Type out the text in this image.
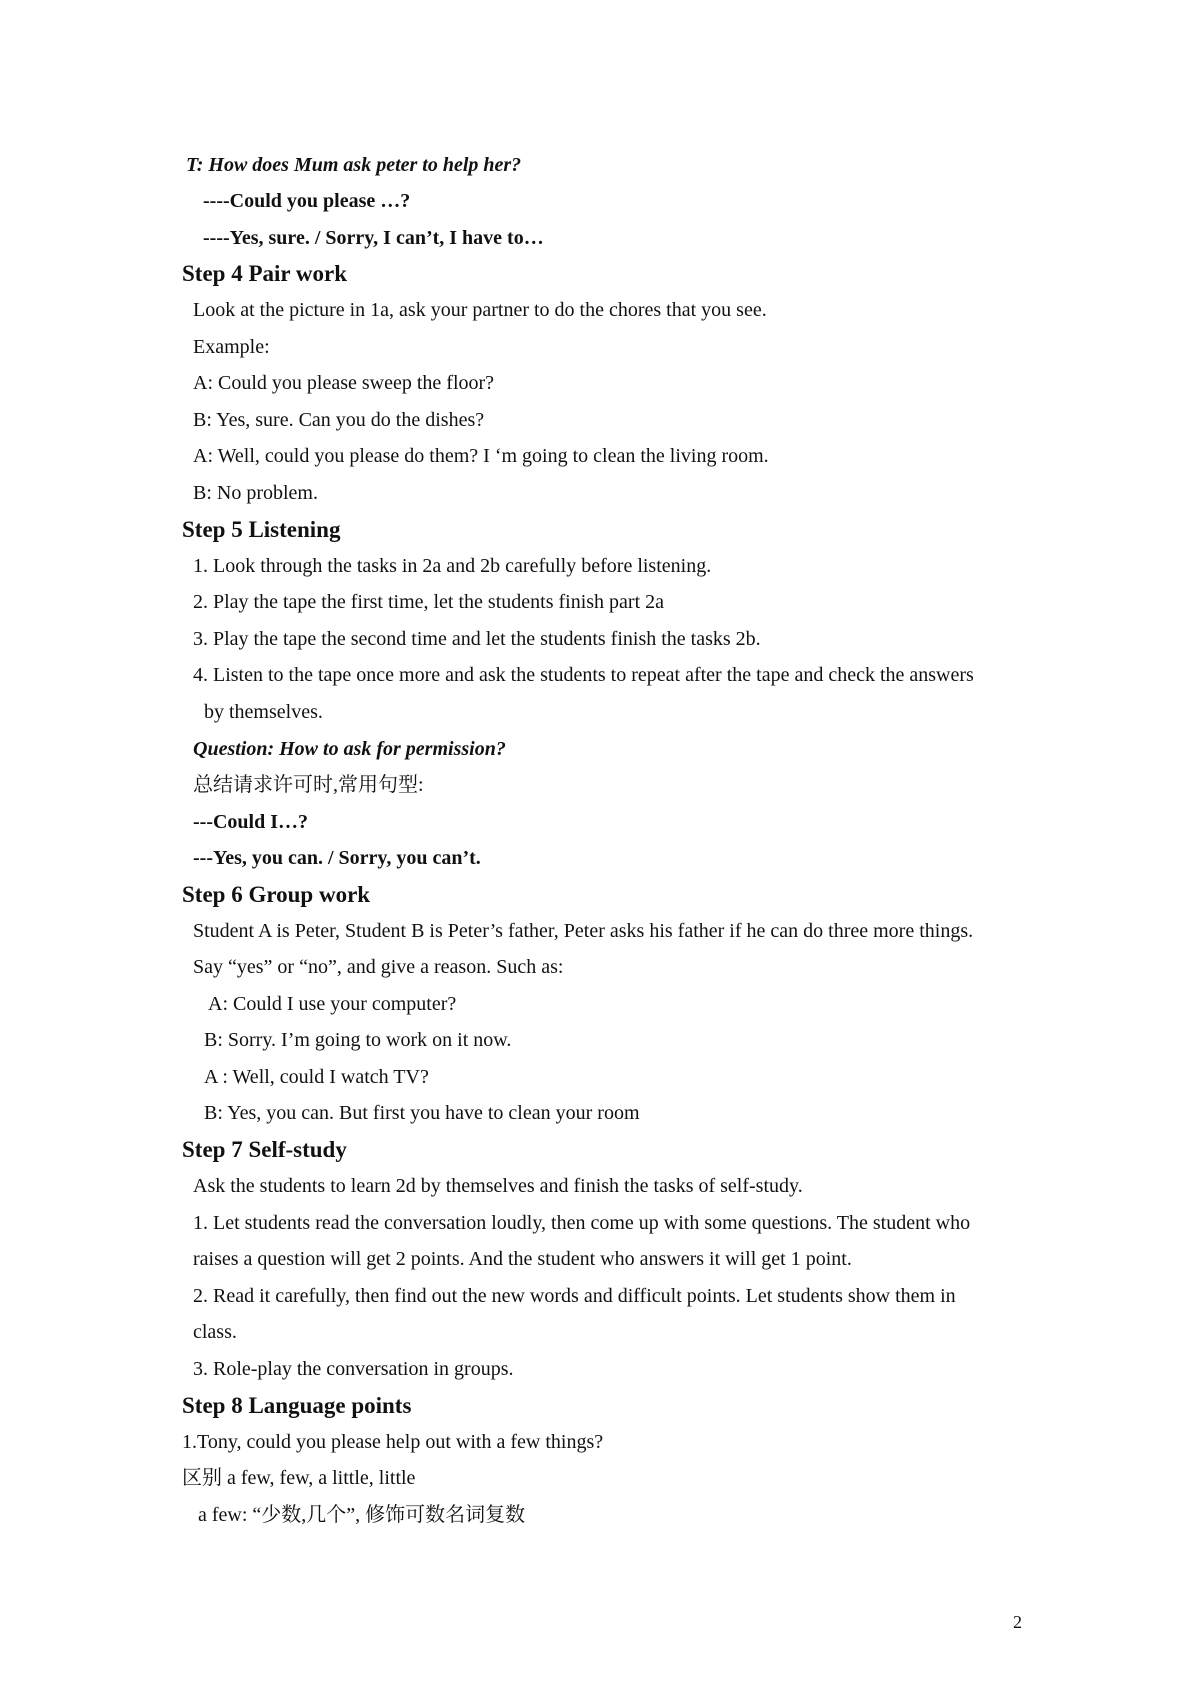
T: How does Mum ask peter to help her?
----Could you please …?
----Yes, sure. / Sorry, I can’t, I have to…
Step 4 Pair work
Look at the picture in 1a, ask your partner to do the chores that you see.
Example:
A: Could you please sweep the floor?
B: Yes, sure. Can you do the dishes?
A: Well, could you please do them? I ‘m going to clean the living room.
B: No problem.
Step 5 Listening
1. Look through the tasks in 2a and 2b carefully before listening.
2. Play the tape the first time, let the students finish part 2a
3. Play the tape the second time and let the students finish the tasks 2b.
4. Listen to the tape once more and ask the students to repeat after the tape and check the answers
by themselves.
Question: How to ask for permission?
总结请求许可时,常用句型:
---Could I…?
---Yes, you can. / Sorry, you can’t.
Step 6 Group work
Student A is Peter, Student B is Peter’s father, Peter asks his father if he can do three more things.
Say “yes” or “no”, and give a reason. Such as:
A: Could I use your computer?
B: Sorry. I’m going to work on it now.
A : Well, could I watch TV?
B: Yes, you can. But first you have to clean your room
Step 7 Self-study
Ask the students to learn 2d by themselves and finish the tasks of self-study.
1. Let students read the conversation loudly, then come up with some questions. The student who
raises a question will get 2 points. And the student who answers it will get 1 point.
2. Read it carefully, then find out the new words and difficult points. Let students show them in
class.
3. Role-play the conversation in groups.
Step 8 Language points
1.Tony, could you please help out with a few things?
区别 a few, few, a little, little
a few: “少数,几个”, 修饰可数名词复数
2
